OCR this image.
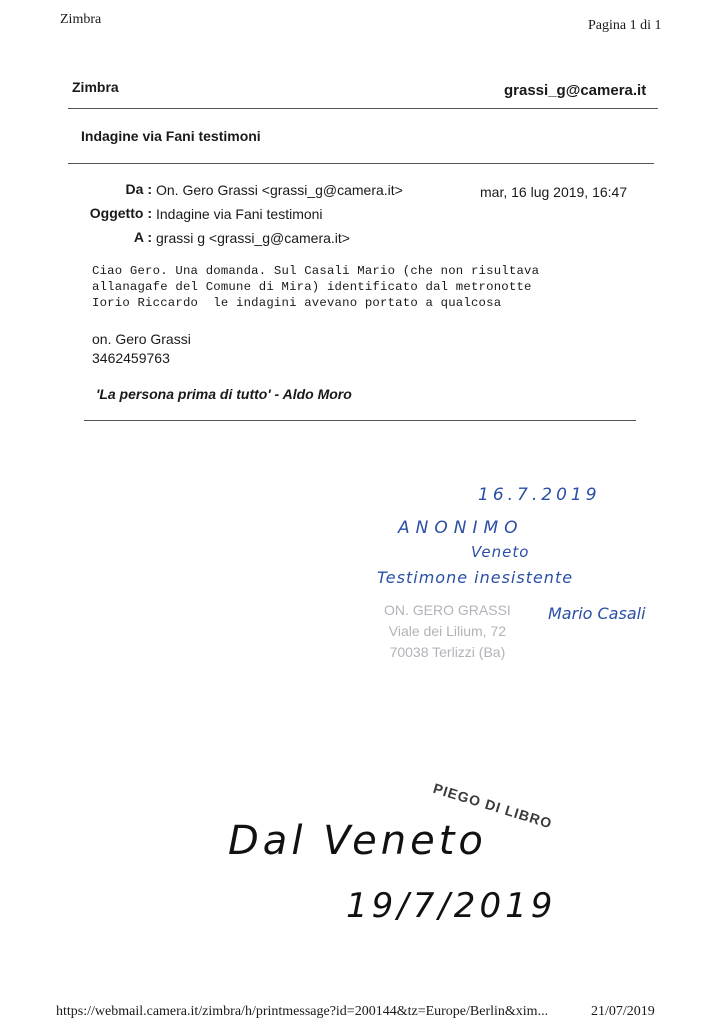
Zimbra	Pagina 1 di 1
Zimbra	grassi_g@camera.it
Indagine via Fani testimoni
Da : On. Gero Grassi <grassi_g@camera.it>	mar, 16 lug 2019, 16:47
Oggetto : Indagine via Fani testimoni
A : grassi g <grassi_g@camera.it>
Ciao Gero. Una domanda. Sul Casali Mario (che non risultava
allanagafe del Comune di Mira) identificato dal metronotte
Iorio Riccardo  le indagini avevano portato a qualcosa
on. Gero Grassi
3462459763
'La persona prima di tutto' - Aldo Moro
16.7.2019
ANONIMO
Veneto
Testimone inesistente
ON. GERO GRASSI
Viale dei Lilium, 72
70038 Terlizzi (Ba)
Mario Casali
PIEGO DI LIBRO
Dal Veneto
19/7/2019
https://webmail.camera.it/zimbra/h/printmessage?id=200144&tz=Europe/Berlin&xim...	21/07/2019
